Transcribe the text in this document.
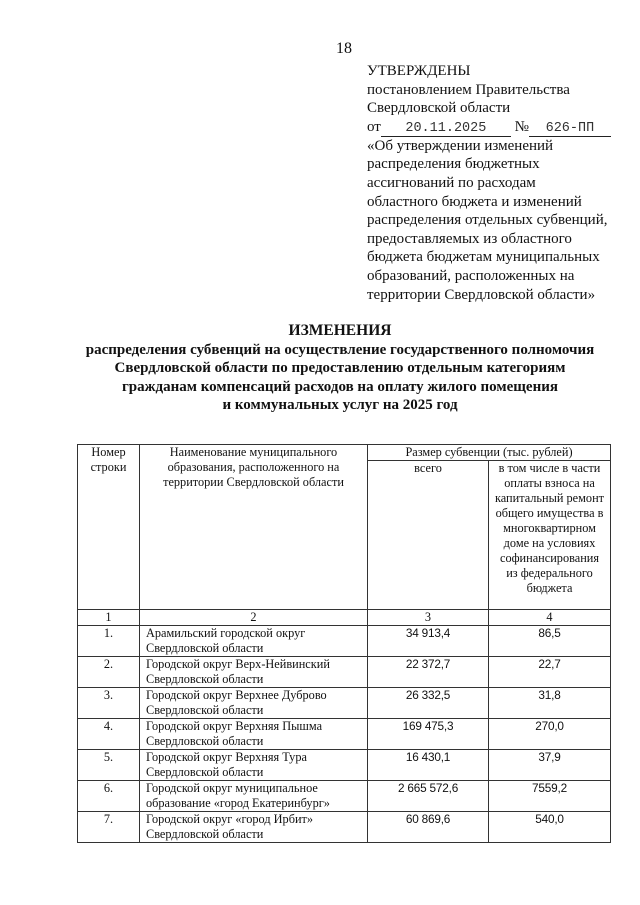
18
УТВЕРЖДЕНЫ
постановлением Правительства
Свердловской области
от 20.11.2025 № 626-ПП
«Об утверждении изменений
распределения бюджетных
ассигнований по расходам
областного бюджета и изменений
распределения отдельных субвенций,
предоставляемых из областного
бюджета бюджетам муниципальных
образований, расположенных на
территории Свердловской области»
ИЗМЕНЕНИЯ
распределения субвенций на осуществление государственного полномочия
Свердловской области по предоставлению отдельным категориям
гражданам компенсаций расходов на оплату жилого помещения
и коммунальных услуг на 2025 год
Номер строки	Наименование муниципального образования, расположенного на территории Свердловской области	Размер субвенции (тыс. рублей)	
		всего	в том числе в части оплаты взноса на капитальный ремонт общего имущества в многоквартирном доме на условиях софинансирования из федерального бюджета
1	2	3	4
1.	Арамильский городской округ Свердловской области	34 913,4	86,5
2.	Городской округ Верх-Нейвинский Свердловской области	22 372,7	22,7
3.	Городской округ Верхнее Дуброво Свердловской области	26 332,5	31,8
4.	Городской округ Верхняя Пышма Свердловской области	169 475,3	270,0
5.	Городской округ Верхняя Тура Свердловской области	16 430,1	37,9
6.	Городской округ муниципальное образование «город Екатеринбург»	2 665 572,6	7559,2
7.	Городской округ «город Ирбит» Свердловской области	60 869,6	540,0
